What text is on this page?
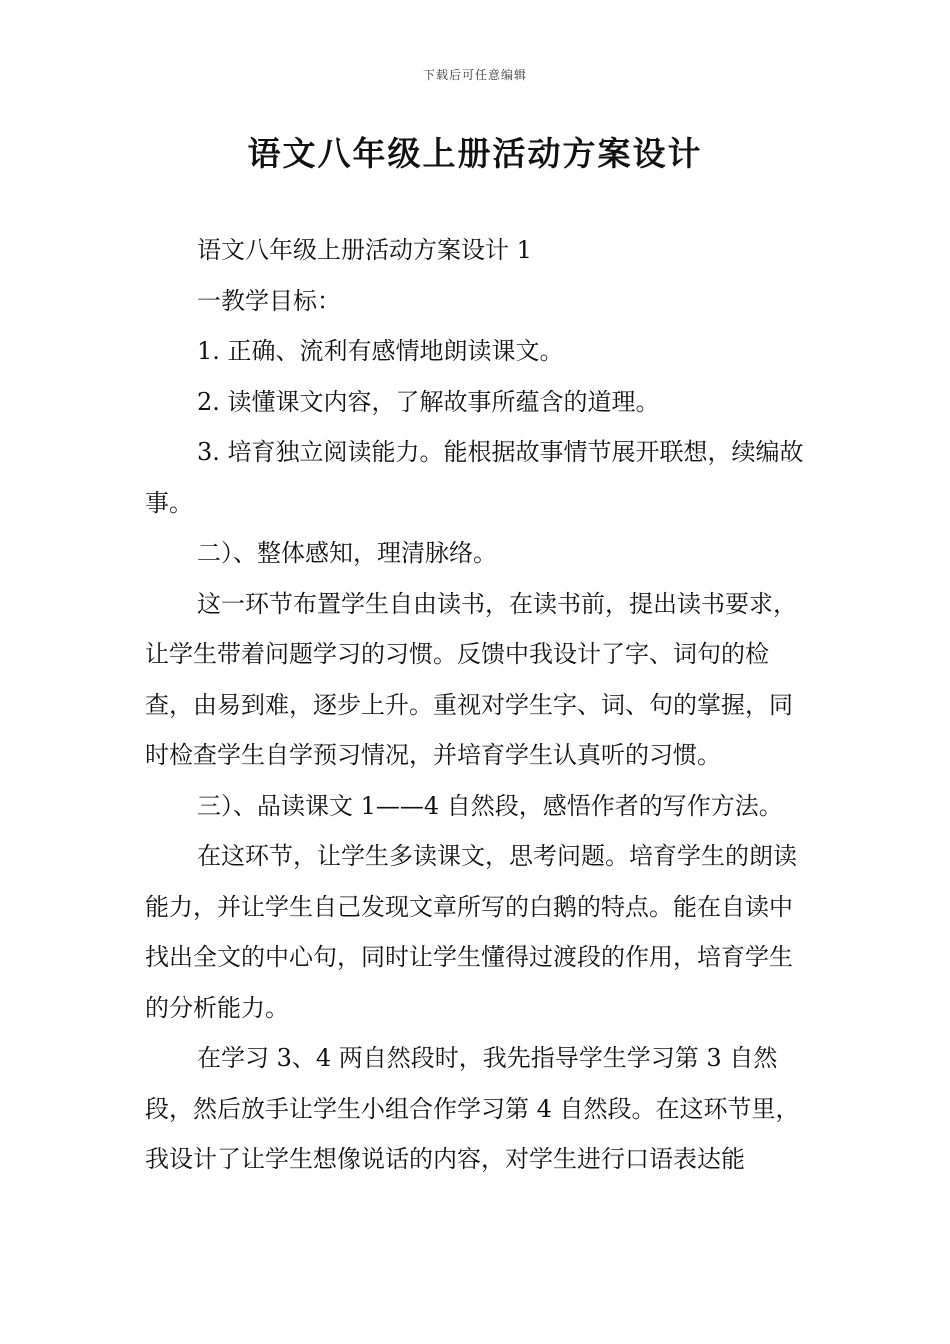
下载后可任意编辑
语文八年级上册活动方案设计

语文八年级上册活动方案设计 1

一教学目标：

1. 正确、流利有感情地朗读课文。

2. 读懂课文内容，了解故事所蕴含的道理。

3. 培育独立阅读能力。能根据故事情节展开联想，续编故事。

二）、整体感知，理清脉络。

这一环节布置学生自由读书，在读书前，提出读书要求，让学生带着问题学习的习惯。反馈中我设计了字、词句的检查，由易到难，逐步上升。重视对学生字、词、句的掌握，同时检查学生自学预习情况，并培育学生认真听的习惯。

三）、品读课文 1——4 自然段，感悟作者的写作方法。

在这环节，让学生多读课文，思考问题。培育学生的朗读能力，并让学生自己发现文章所写的白鹅的特点。能在自读中找出全文的中心句，同时让学生懂得过渡段的作用，培育学生的分析能力。

在学习 3、4 两自然段时，我先指导学生学习第 3 自然段，然后放手让学生小组合作学习第 4 自然段。在这环节里，我设计了让学生想像说话的内容，对学生进行口语表达能
